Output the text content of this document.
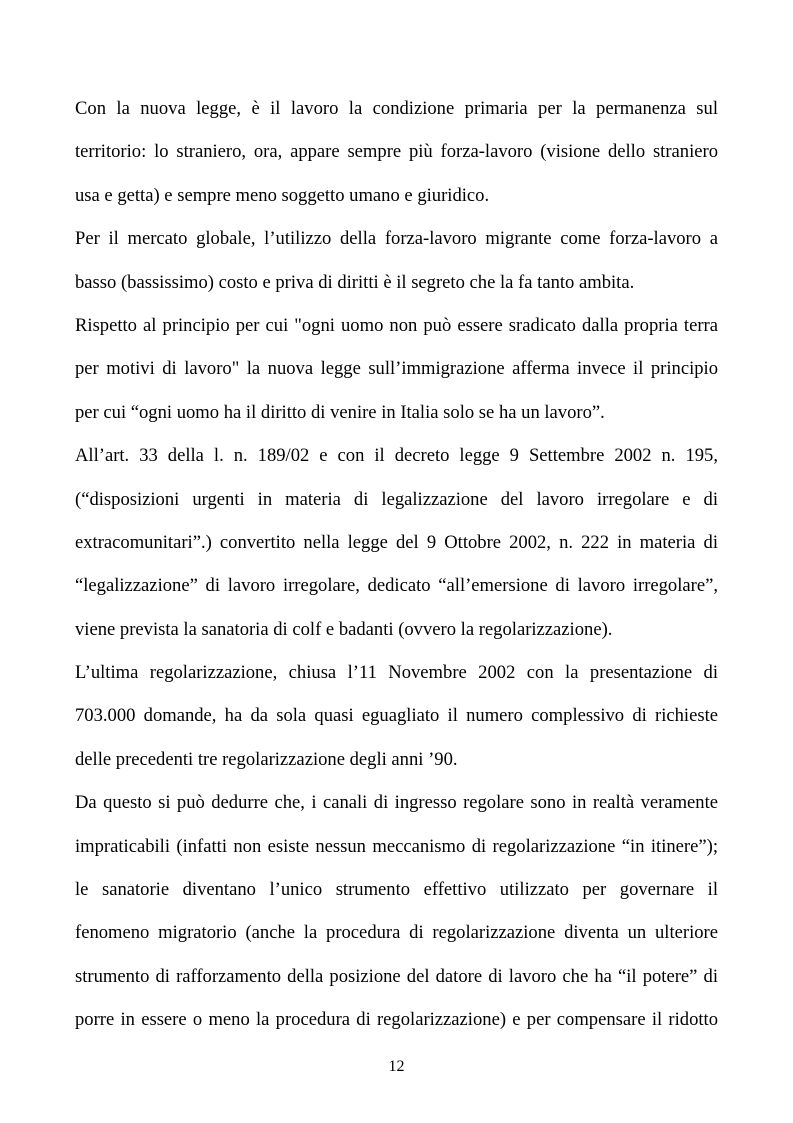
Con la nuova legge, è il lavoro la condizione primaria per la permanenza sul
territorio: lo straniero, ora, appare sempre più forza-lavoro (visione dello straniero
usa e getta) e sempre meno soggetto umano e giuridico.
Per il mercato globale, l’utilizzo della forza-lavoro migrante come forza-lavoro a
basso (bassissimo) costo e priva di diritti è il segreto che la fa tanto ambita.
Rispetto al principio per cui "ogni uomo non può essere sradicato dalla propria terra
per motivi di lavoro" la nuova legge sull’immigrazione afferma invece il principio
per cui “ogni uomo ha il diritto di venire in Italia solo se ha un lavoro”.
All’art. 33 della l. n. 189/02 e con il decreto legge 9 Settembre 2002 n. 195,
(“disposizioni urgenti in materia di legalizzazione del lavoro irregolare e di
extracomunitari”.) convertito nella legge del 9 Ottobre 2002, n. 222 in materia di
“legalizzazione” di lavoro irregolare, dedicato “all’emersione di lavoro irregolare”,
viene prevista la sanatoria di colf e badanti (ovvero la regolarizzazione).
L’ultima regolarizzazione, chiusa l’11 Novembre 2002 con la presentazione di
703.000 domande, ha da sola quasi eguagliato il numero complessivo di richieste
delle precedenti tre regolarizzazione degli anni ’90.
Da questo si può dedurre che, i canali di ingresso regolare sono in realtà veramente
impraticabili (infatti non esiste nessun meccanismo di regolarizzazione “in itinere”);
le sanatorie diventano l’unico strumento effettivo utilizzato per governare il
fenomeno migratorio (anche la procedura di regolarizzazione diventa un ulteriore
strumento di rafforzamento della posizione del datore di lavoro che ha “il potere” di
porre in essere o meno la procedura di regolarizzazione) e per compensare il ridotto
12
